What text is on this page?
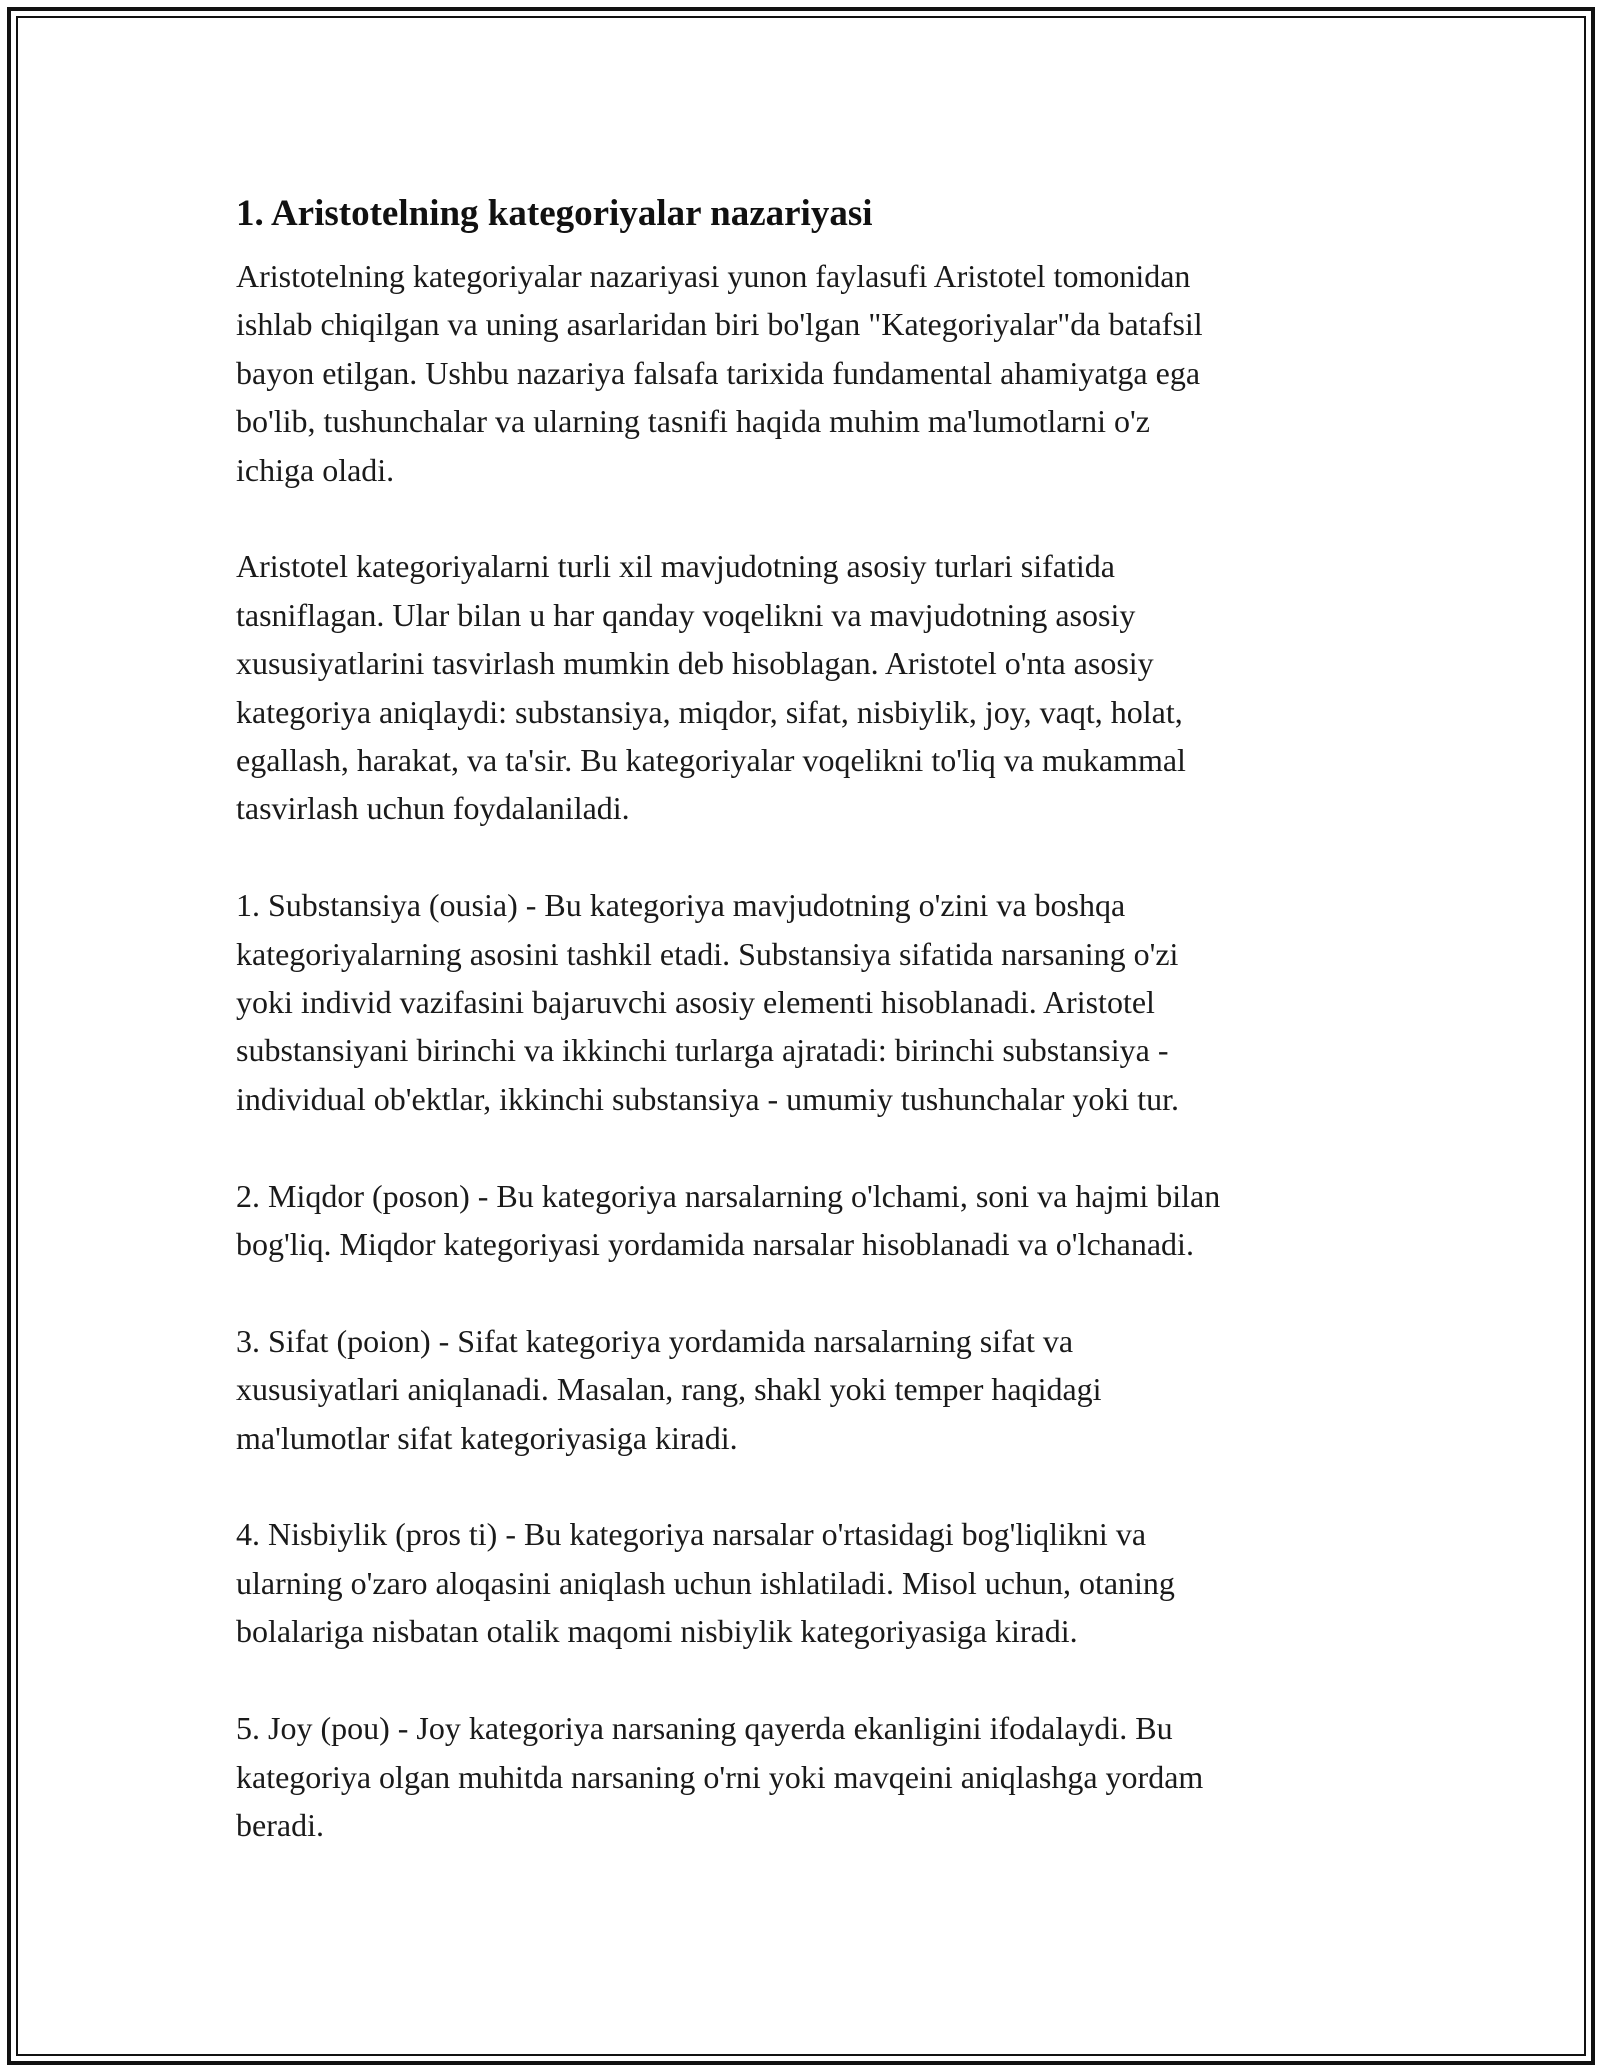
1. Aristotelning kategoriyalar nazariyasi
Aristotelning kategoriyalar nazariyasi yunon faylasufi Aristotel tomonidan
ishlab chiqilgan va uning asarlaridan biri bo'lgan "Kategoriyalar"da batafsil
bayon etilgan. Ushbu nazariya falsafa tarixida fundamental ahamiyatga ega
bo'lib, tushunchalar va ularning tasnifi haqida muhim ma'lumotlarni o'z
ichiga oladi.
Aristotel kategoriyalarni turli xil mavjudotning asosiy turlari sifatida
tasniflagan. Ular bilan u har qanday voqelikni va mavjudotning asosiy
xususiyatlarini tasvirlash mumkin deb hisoblagan. Aristotel o'nta asosiy
kategoriya aniqlaydi: substansiya, miqdor, sifat, nisbiylik, joy, vaqt, holat,
egallash, harakat, va ta'sir. Bu kategoriyalar voqelikni to'liq va mukammal
tasvirlash uchun foydalaniladi.
1. Substansiya (ousia) - Bu kategoriya mavjudotning o'zini va boshqa
kategoriyalarning asosini tashkil etadi. Substansiya sifatida narsaning o'zi
yoki individ vazifasini bajaruvchi asosiy elementi hisoblanadi. Aristotel
substansiyani birinchi va ikkinchi turlarga ajratadi: birinchi substansiya -
individual ob'ektlar, ikkinchi substansiya - umumiy tushunchalar yoki tur.
2. Miqdor (poson) - Bu kategoriya narsalarning o'lchami, soni va hajmi bilan
bog'liq. Miqdor kategoriyasi yordamida narsalar hisoblanadi va o'lchanadi.
3. Sifat (poion) - Sifat kategoriya yordamida narsalarning sifat va
xususiyatlari aniqlanadi. Masalan, rang, shakl yoki temper haqidagi
ma'lumotlar sifat kategoriyasiga kiradi.
4. Nisbiylik (pros ti) - Bu kategoriya narsalar o'rtasidagi bog'liqlikni va
ularning o'zaro aloqasini aniqlash uchun ishlatiladi. Misol uchun, otaning
bolalariga nisbatan otalik maqomi nisbiylik kategoriyasiga kiradi.
5. Joy (pou) - Joy kategoriya narsaning qayerda ekanligini ifodalaydi. Bu
kategoriya olgan muhitda narsaning o'rni yoki mavqeini aniqlashga yordam
beradi.
